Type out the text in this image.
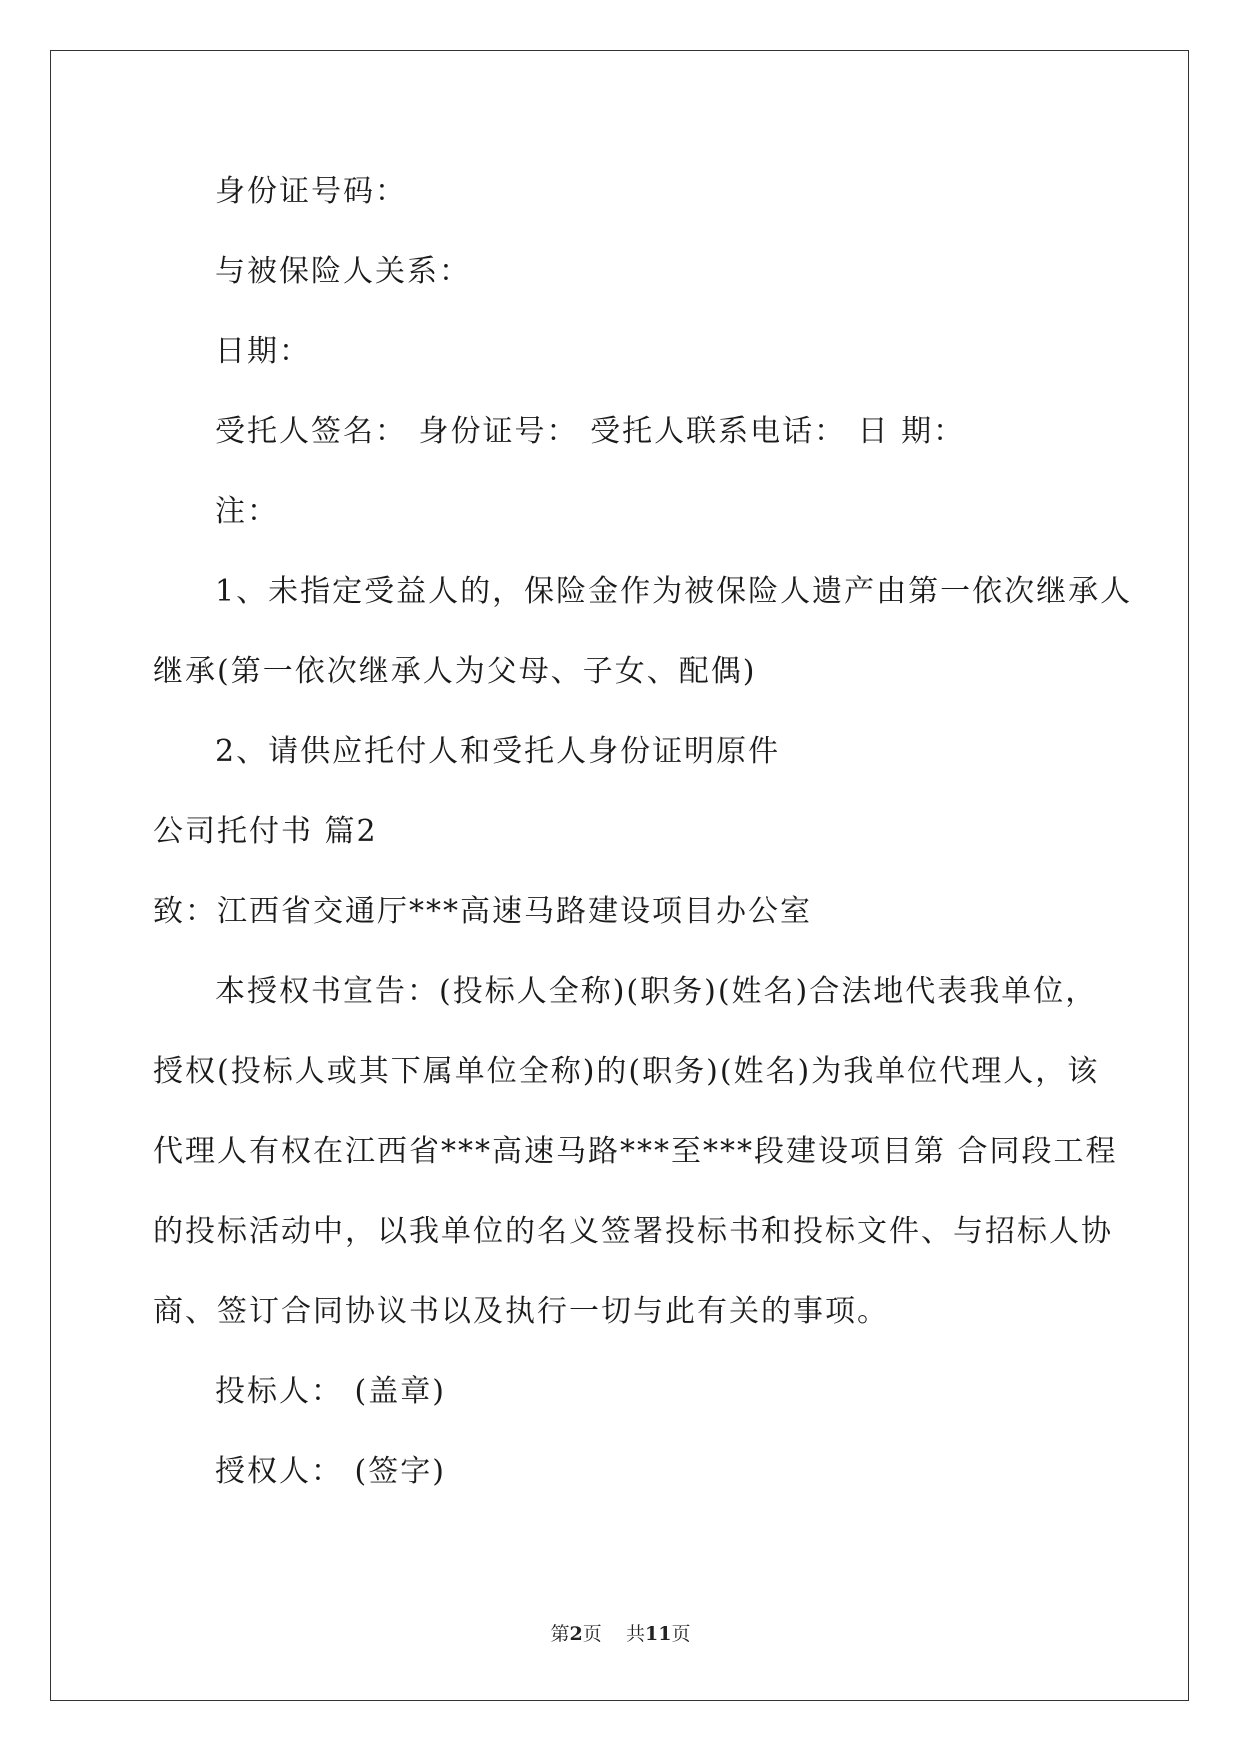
身份证号码：
与被保险人关系：
日期：
受托人签名： 身份证号： 受托人联系电话： 日 期：
注：
1、未指定受益人的，保险金作为被保险人遗产由第一依次继承人
继承(第一依次继承人为父母、子女、配偶)
2、请供应托付人和受托人身份证明原件
公司托付书 篇2
致：江西省交通厅***高速马路建设项目办公室
本授权书宣告：(投标人全称)(职务)(姓名)合法地代表我单位，
授权(投标人或其下属单位全称)的(职务)(姓名)为我单位代理人，该
代理人有权在江西省***高速马路***至***段建设项目第 合同段工程
的投标活动中，以我单位的名义签署投标书和投标文件、与招标人协
商、签订合同协议书以及执行一切与此有关的事项。
投标人： (盖章)
授权人： (签字)
第2页 共11页
